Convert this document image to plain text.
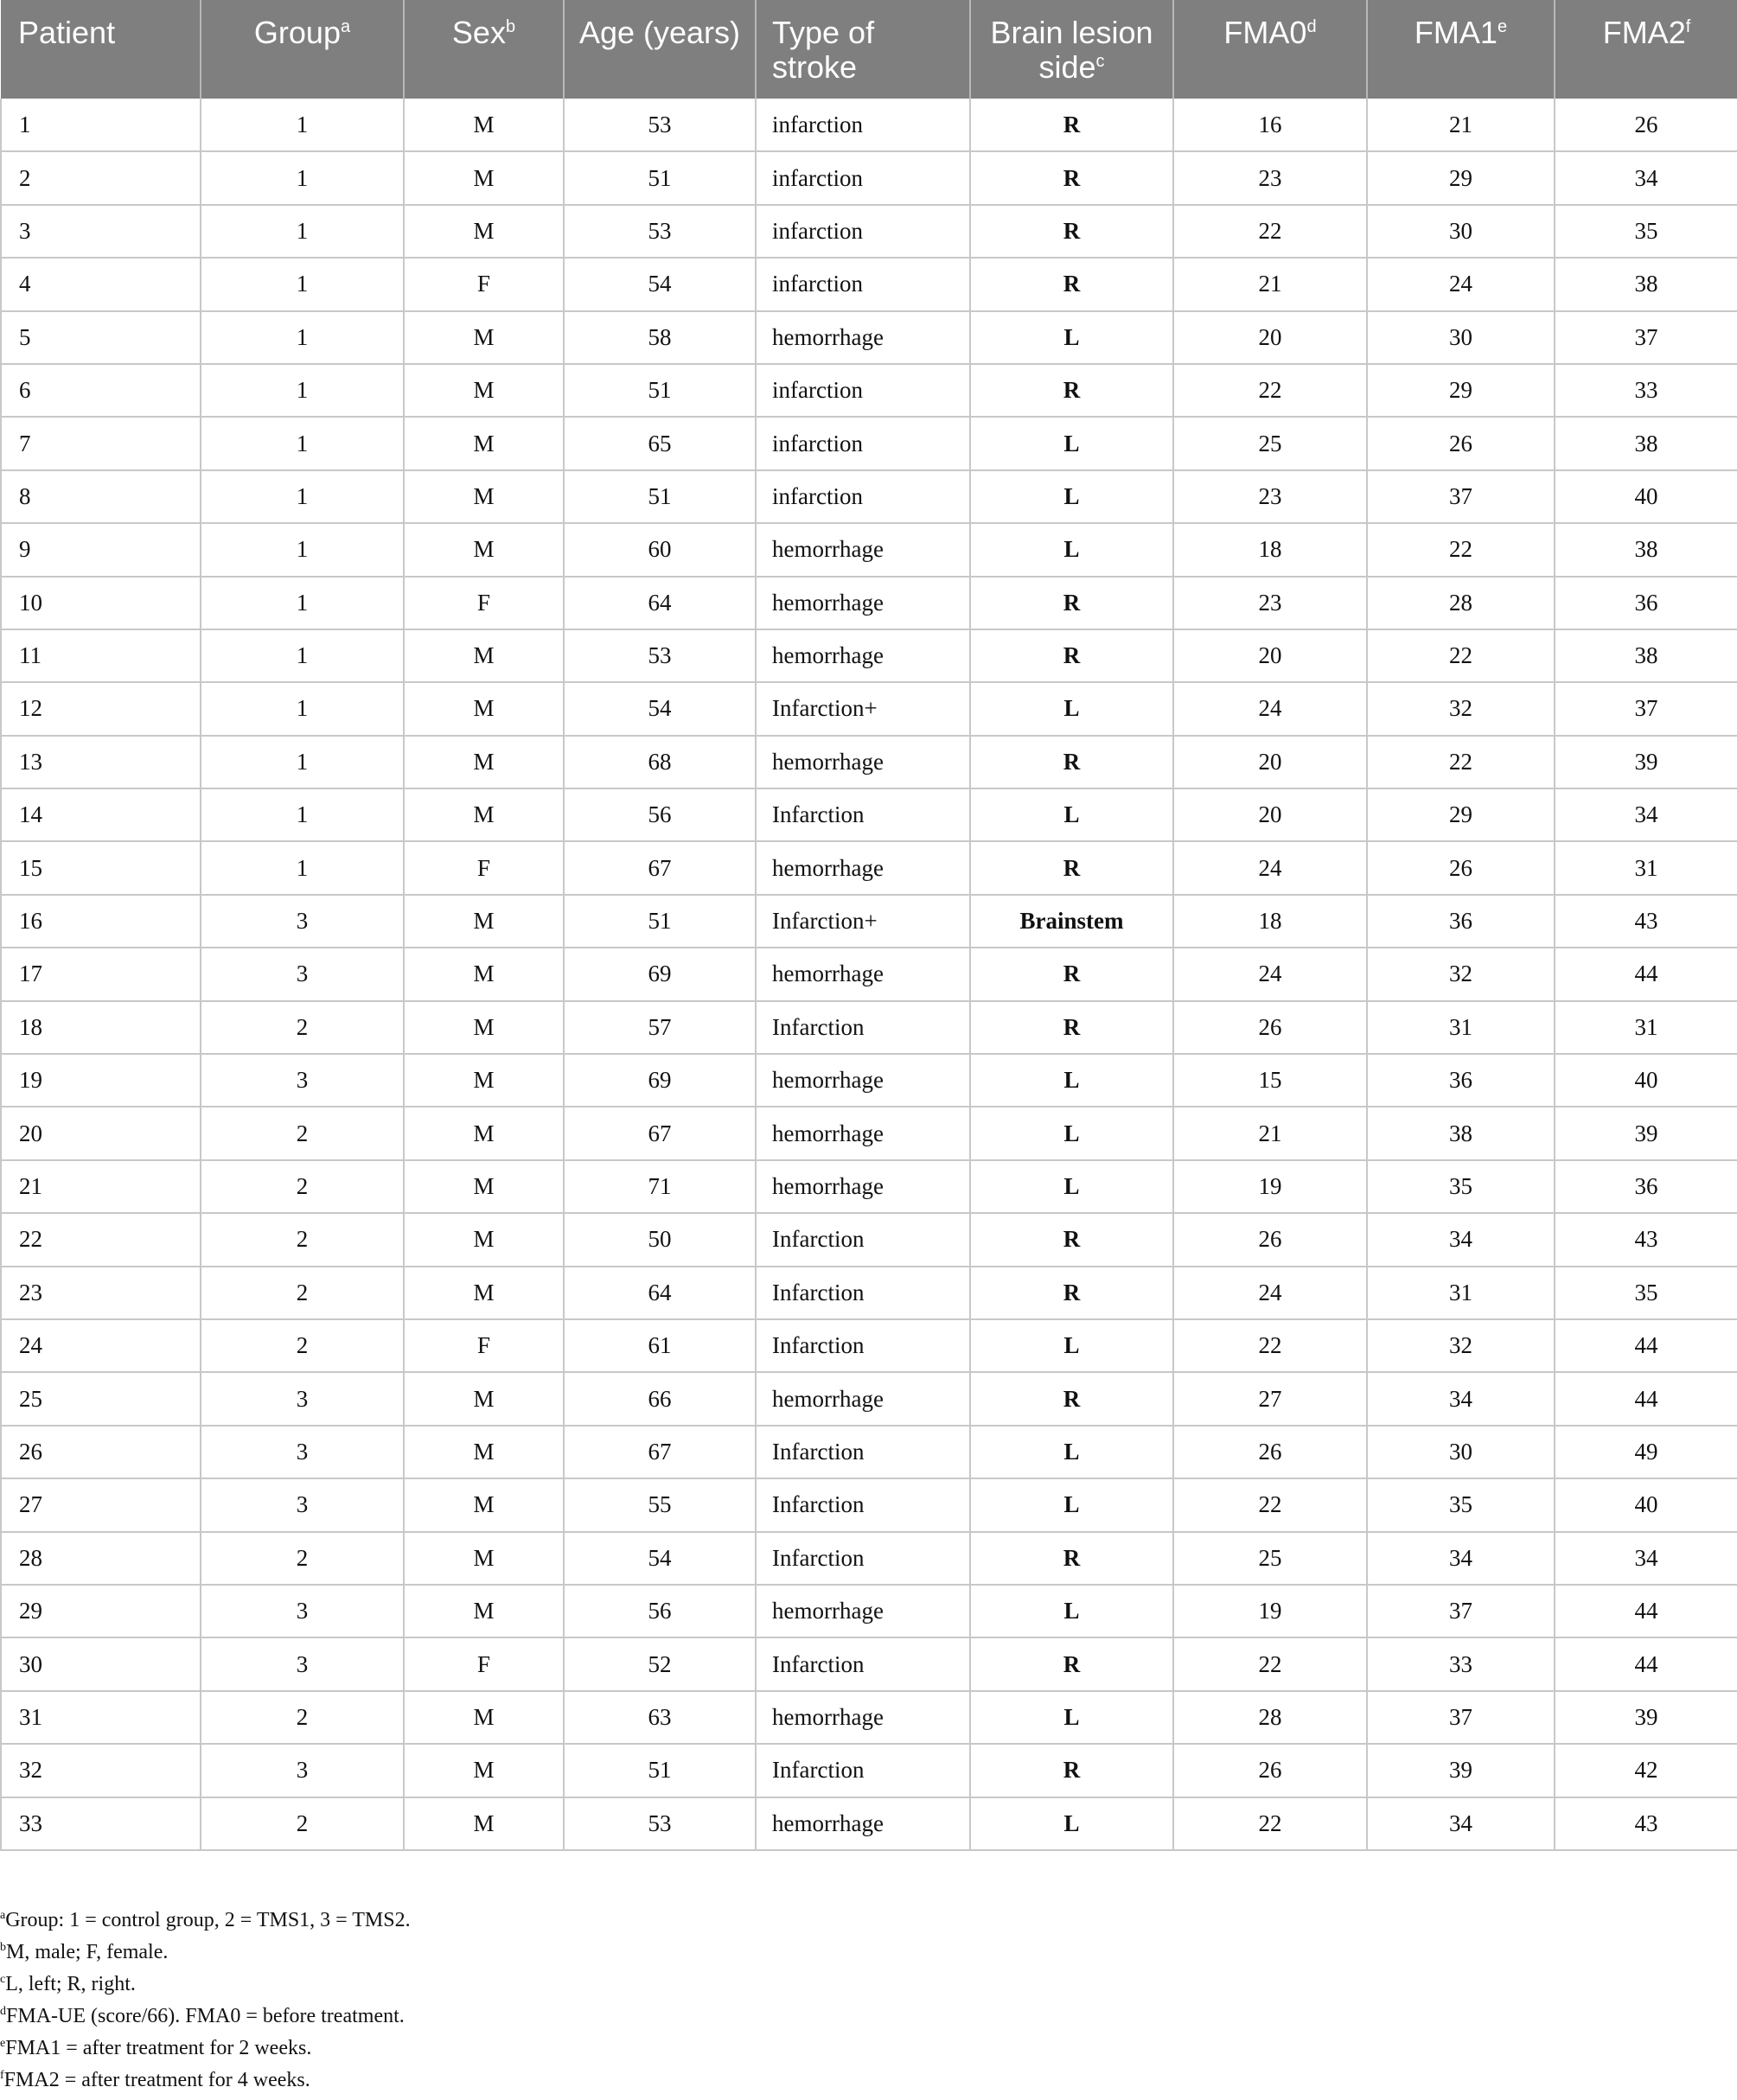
Patient	Group$^a$	Sex$^b$	Age (years)	Type of stroke	Brain lesion side$^c$	FMA0$^d$	FMA1e	FMA2$^f$

1	1	M	53	infarction	R	16	21	26
2	1	M	51	infarction	R	23	29	34
3	1	M	53	infarction	R	22	30	35
4	1	F	54	infarction	R	21	24	38
5	1	M	58	hemorrhage	L	20	30	37
6	1	M	51	infarction	R	22	29	33
7	1	M	65	infarction	L	25	26	38
8	1	M	51	infarction	L	23	37	40
9	1	M	60	hemorrhage	L	18	22	38
10	1	F	64	hemorrhage	R	23	28	36
11	1	M	53	hemorrhage	R	20	22	38
12	1	M	54	Infarction+	L	24	32	37
13	1	M	68	hemorrhage	R	20	22	39
14	1	M	56	Infarction	L	20	29	34
15	1	F	67	hemorrhage	R	24	26	31
16	3	M	51	Infarction+	Brainstem	18	36	43
17	3	M	69	hemorrhage	R	24	32	44
18	2	M	57	Infarction	R	26	31	31
19	3	M	69	hemorrhage	L	15	36	40
20	2	M	67	hemorrhage	L	21	38	39
21	2	M	71	hemorrhage	L	19	35	36
22	2	M	50	Infarction	R	26	34	43
23	2	M	64	Infarction	R	24	31	35
24	2	F	61	Infarction	L	22	32	44
25	3	M	66	hemorrhage	R	27	34	44
26	3	M	67	Infarction	L	26	30	49
27	3	M	55	Infarction	L	22	35	40
28	2	M	54	Infarction	R	25	34	34
29	3	M	56	hemorrhage	L	19	37	44
30	3	F	52	Infarction	R	22	33	44
31	2	M	63	hemorrhage	L	28	37	39
32	3	M	51	Infarction	R	26	39	42
33	2	M	53	hemorrhage	L	22	34	43
$^a$Group: 1 = control group, 2 = TMS1, 3 = TMS2.
$^b$M, male; F, female.
$^c$L, left; R, right.
$^d$FMA-UE (score/66). FMA0 = before treatment.
$^e$FMA1 = after treatment for 2 weeks.
$^f$FMA2 = after treatment for 4 weeks.
